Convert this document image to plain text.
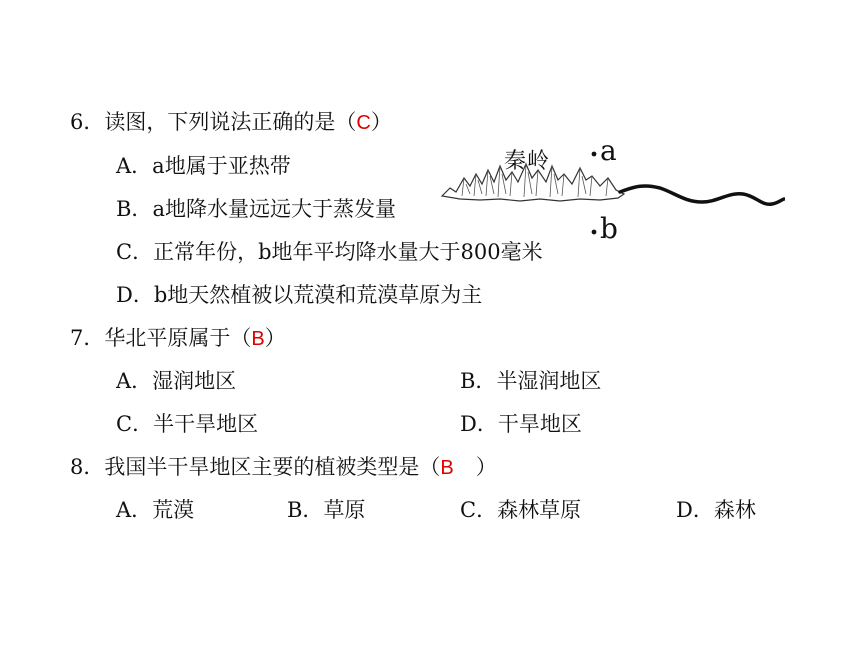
6．读图，下列说法正确的是（C）
A．a地属于亚热带
B．a地降水量远远大于蒸发量
C．正常年份，b地年平均降水量大于800毫米
D．b地天然植被以荒漠和荒漠草原为主
秦岭 a
b
7．华北平原属于（B）
A．湿润地区	B．半湿润地区
C．半干旱地区	D．干旱地区
8．我国半干旱地区主要的植被类型是（B ）
A．荒漠	B．草原	C．森林草原	D．森林
